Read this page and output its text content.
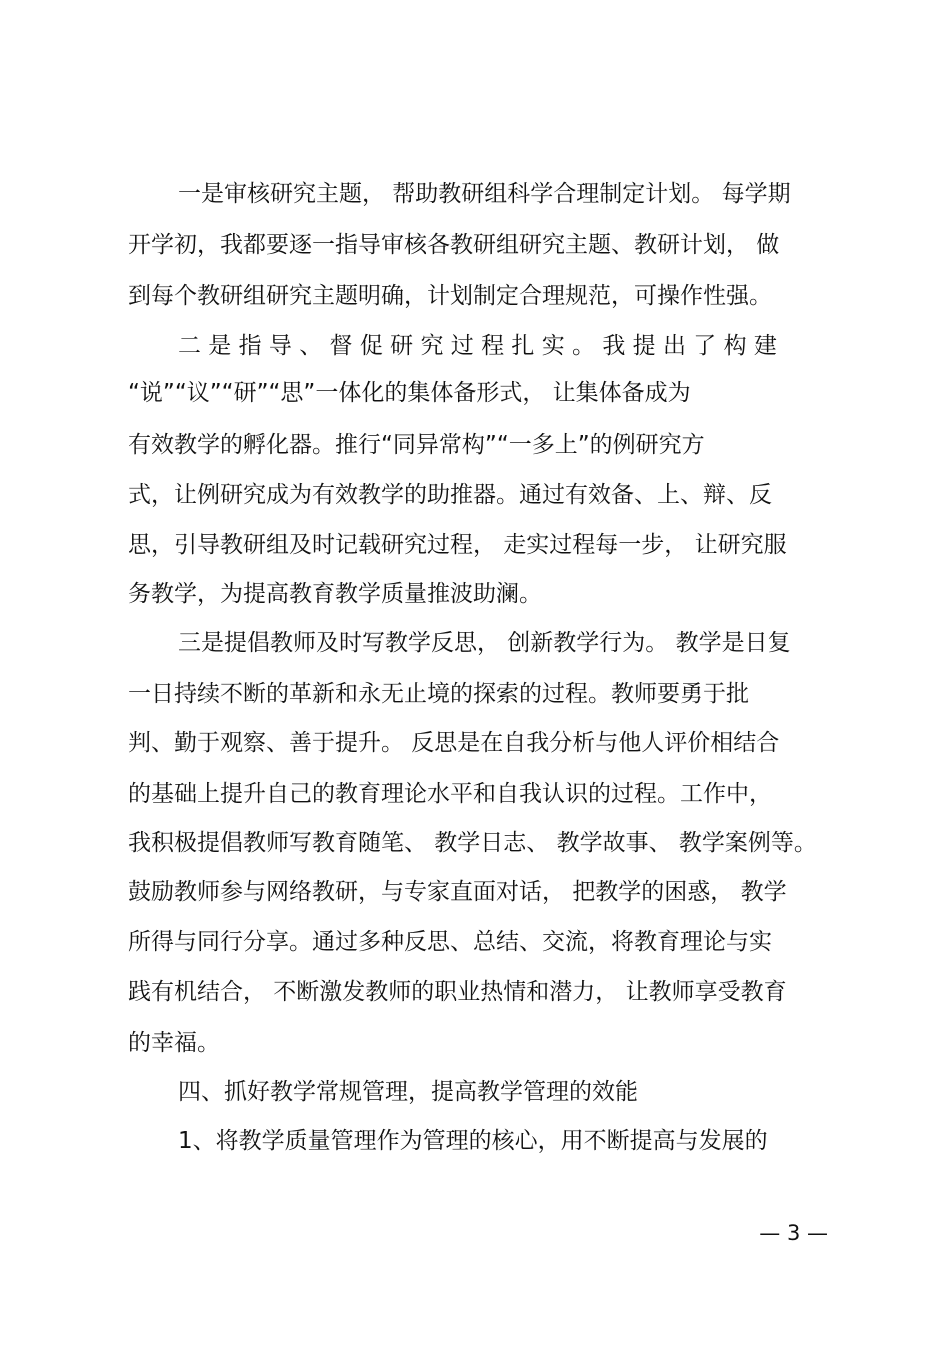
一是审核研究主题， 帮助教研组科学合理制定计划。 每学期
开学初，我都要逐一指导审核各教研组研究主题、教研计划， 做
到每个教研组研究主题明确，计划制定合理规范，可操作性强。
二 是 指 导 、 督 促 研 究 过 程 扎 实 。 我 提 出 了 构 建
“说”“议”“研”“思”一体化的集体备形式， 让集体备成为
有效教学的孵化器。推行“同异常构”“一多上”的例研究方
式，让例研究成为有效教学的助推器。通过有效备、上、辩、反
思，引导教研组及时记载研究过程， 走实过程每一步， 让研究服
务教学，为提高教育教学质量推波助澜。
三是提倡教师及时写教学反思， 创新教学行为。 教学是日复
一日持续不断的革新和永无止境的探索的过程。教师要勇于批
判、勤于观察、善于提升。 反思是在自我分析与他人评价相结合
的基础上提升自己的教育理论水平和自我认识的过程。工作中，
我积极提倡教师写教育随笔、 教学日志、 教学故事、 教学案例等。
鼓励教师参与网络教研，与专家直面对话， 把教学的困惑， 教学
所得与同行分享。通过多种反思、总结、交流，将教育理论与实
践有机结合， 不断激发教师的职业热情和潜力， 让教师享受教育
的幸福。
四、抓好教学常规管理，提高教学管理的效能
1、将教学质量管理作为管理的核心，用不断提高与发展的
— 3 —
